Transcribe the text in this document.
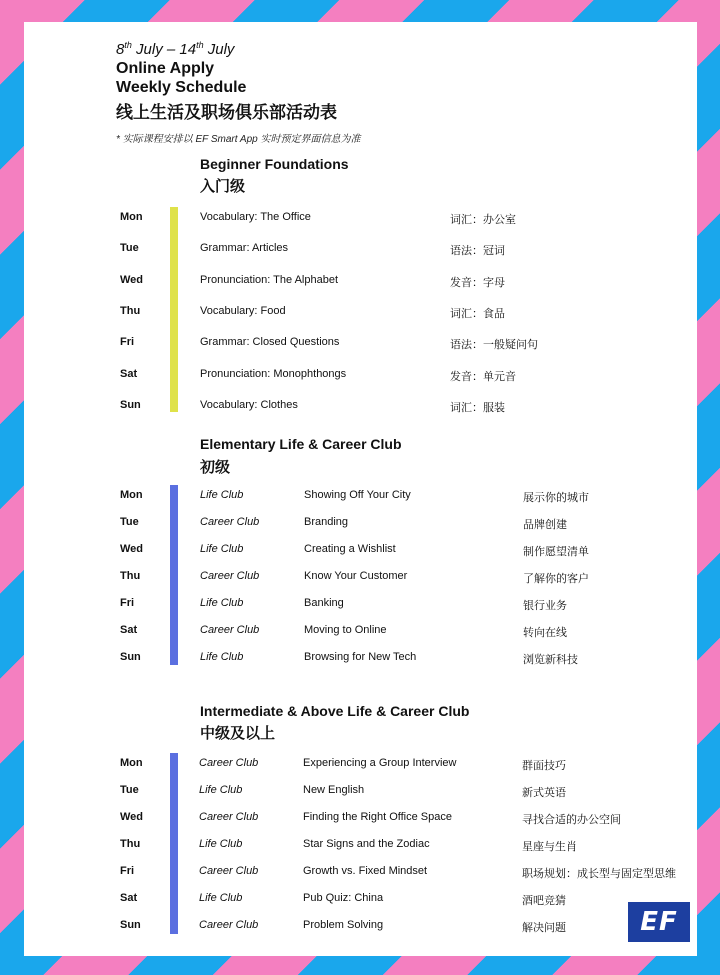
8th July – 14th July
Online Apply
Weekly Schedule
线上生活及职场俱乐部活动表
* 实际课程安排以 EF Smart App 实时预定界面信息为准
Beginner Foundations
入门级
Mon	Vocabulary: The Office	词汇：办公室
Tue	Grammar: Articles	语法：冠词
Wed	Pronunciation: The Alphabet	发音：字母
Thu	Vocabulary: Food	词汇：食品
Fri	Grammar: Closed Questions	语法：一般疑问句
Sat	Pronunciation: Monophthongs	发音：单元音
Sun	Vocabulary: Clothes	词汇：服装
Elementary Life & Career Club
初级
Mon	Life Club	Showing Off Your City	展示你的城市
Tue	Career Club	Branding	品牌创建
Wed	Life Club	Creating a Wishlist	制作愿望清单
Thu	Career Club	Know Your Customer	了解你的客户
Fri	Life Club	Banking	银行业务
Sat	Career Club	Moving to Online	转向在线
Sun	Life Club	Browsing for New Tech	浏览新科技
Intermediate & Above Life & Career Club
中级及以上
Mon	Career Club	Experiencing a Group Interview	群面技巧
Tue	Life Club	New English	新式英语
Wed	Career Club	Finding the Right Office Space	寻找合适的办公空间
Thu	Life Club	Star Signs and the Zodiac	星座与生肖
Fri	Career Club	Growth vs. Fixed Mindset	职场规划：成长型与固定型思维
Sat	Life Club	Pub Quiz: China	酒吧竞猜
Sun	Career Club	Problem Solving	解决问题	EF
